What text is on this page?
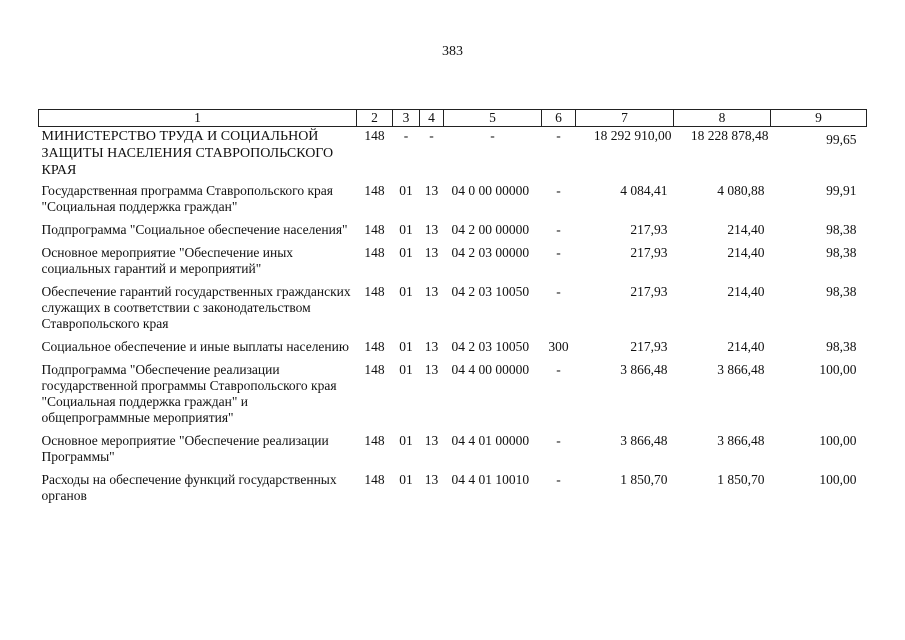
383
1	2	3	4	5	6	7	8	9
МИНИСТЕРСТВО ТРУДА И СОЦИАЛЬНОЙ ЗАЩИТЫ НАСЕЛЕНИЯ СТАВРОПОЛЬСКОГО КРАЯ	148	-	-	-	-	18 292 910,00	18 228 878,48	99,65
Государственная программа Ставропольского края "Социальная поддержка граждан"	148	01	13	04 0 00 00000	-	4 084,41	4 080,88	99,91
Подпрограмма "Социальное обеспечение населения"	148	01	13	04 2 00 00000	-	217,93	214,40	98,38
Основное мероприятие "Обеспечение иных социальных гарантий и мероприятий"	148	01	13	04 2 03 00000	-	217,93	214,40	98,38
Обеспечение гарантий государственных гражданских служащих в соответствии с законодательством Ставропольского края	148	01	13	04 2 03 10050	-	217,93	214,40	98,38
Социальное обеспечение и иные выплаты населению	148	01	13	04 2 03 10050	300	217,93	214,40	98,38
Подпрограмма "Обеспечение реализации государственной программы Ставропольского края "Социальная поддержка граждан" и общепрограммные мероприятия"	148	01	13	04 4 00 00000	-	3 866,48	3 866,48	100,00
Основное мероприятие "Обеспечение реализации Программы"	148	01	13	04 4 01 00000	-	3 866,48	3 866,48	100,00
Расходы на обеспечение функций государственных органов	148	01	13	04 4 01 10010	-	1 850,70	1 850,70	100,00
